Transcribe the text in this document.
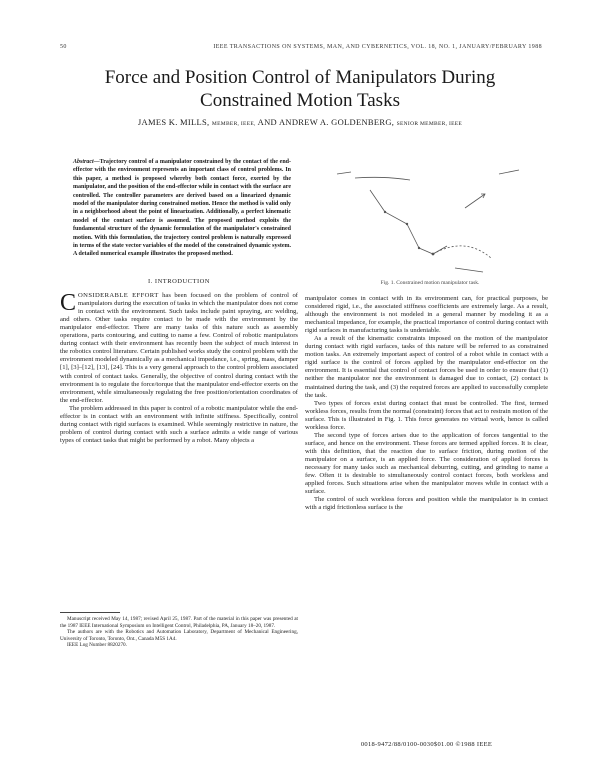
50	IEEE TRANSACTIONS ON SYSTEMS, MAN, AND CYBERNETICS, VOL. 18, NO. 1, JANUARY/FEBRUARY 1988
Force and Position Control of Manipulators During
Constrained Motion Tasks
JAMES K. MILLS, MEMBER, IEEE, AND ANDREW A. GOLDENBERG, SENIOR MEMBER, IEEE

Abstract—Trajectory control of a manipulator constrained by the contact of the end-effector with the environment represents an important class of control problems. In this paper, a method is proposed whereby both contact force, exerted by the manipulator, and the position of the end-effector while in contact with the surface are controlled. The controller parameters are derived based on a linearized dynamic model of the manipulator during constrained motion. Hence the method is valid only in a neighborhood about the point of linearization. Additionally, a perfect kinematic model of the contact surface is assumed. The proposed method exploits the fundamental structure of the dynamic formulation of the manipulator's constrained motion. With this formulation, the trajectory control problem is naturally expressed in terms of the state vector variables of the model of the constrained dynamic system. A detailed numerical example illustrates the proposed method.

Fig. 1. Constrained motion manipulator task.

I. INTRODUCTION

CONSIDERABLE EFFORT has been focused on the problem of control of manipulators during the execution of tasks in which the manipulator does not come in contact with the environment. Such tasks include paint spraying, arc welding, and others. Other tasks require contact to be made with the environment by the manipulator end-effector. There are many tasks of this nature such as assembly operations, parts contouring, and cutting to name a few. Control of robotic manipulators during contact with their environment has recently been the subject of much interest in the robotics control literature. Certain published works study the control problem with the environment modeled dynamically as a mechanical impedance, i.e., spring, mass, damper [1], [3]–[12], [13], [24]. This is a very general approach to the control problem associated with control of contact tasks. Generally, the objective of control during contact with the environment is to regulate the force/torque that the manipulator end-effector exerts on the environment, while simultaneously regulating the free position/orientation coordinates of the end-effector.

The problem addressed in this paper is control of a robotic manipulator while the end-effector is in contact with an environment with infinite stiffness. Specifically, control during contact with rigid surfaces is examined. While seemingly restrictive in nature, the problem of control during contact with such a surface admits a wide range of various types of contact tasks that might be performed by a robot. Many objects a

Manuscript received May 14, 1987; revised April 25, 1987. Part of the material in this paper was presented at the 1987 IEEE International Symposium on Intelligent Control, Philadelphia, PA, January 18–20, 1987.

The authors are with the Robotics and Automation Laboratory, Department of Mechanical Engineering, University of Toronto, Toronto, Ont., Canada M5S 1A4.

IEEE Log Number 8820270.

manipulator comes in contact with in its environment can, for practical purposes, be considered rigid, i.e., the associated stiffness coefficients are extremely large. As a result, although the environment is not modeled in a general manner by modeling it as a mechanical impedance, for example, the practical importance of control during contact with rigid surfaces in manufacturing tasks is undeniable.

As a result of the kinematic constraints imposed on the motion of the manipulator during contact with rigid surfaces, tasks of this nature will be referred to as constrained motion tasks. An extremely important aspect of control of a robot while in contact with a rigid surface is the control of forces applied by the manipulator end-effector on the environment. It is essential that control of contact forces be used in order to ensure that (1) neither the manipulator nor the environment is damaged due to contact, (2) contact is maintained during the task, and (3) the required forces are applied to successfully complete the task.

Two types of forces exist during contact that must be controlled. The first, termed workless forces, results from the normal (constraint) forces that act to restrain motion of the surface. This is illustrated in Fig. 1. This force generates no virtual work, hence is called workless force.

The second type of forces arises due to the application of forces tangential to the surface, and hence on the environment. These forces are termed applied forces. It is clear, with this definition, that the reaction due to surface friction, during motion of the manipulator on a surface, is an applied force. The consideration of applied forces is necessary for many tasks such as mechanical deburring, cutting, and grinding to name a few. Often it is desirable to simultaneously control contact forces, both workless and applied forces. Such situations arise when the manipulator moves while in contact with a surface.

The control of such workless forces and position while the manipulator is in contact with a rigid frictionless surface is the

0018-9472/88/0100-0030$01.00 ©1988 IEEE
